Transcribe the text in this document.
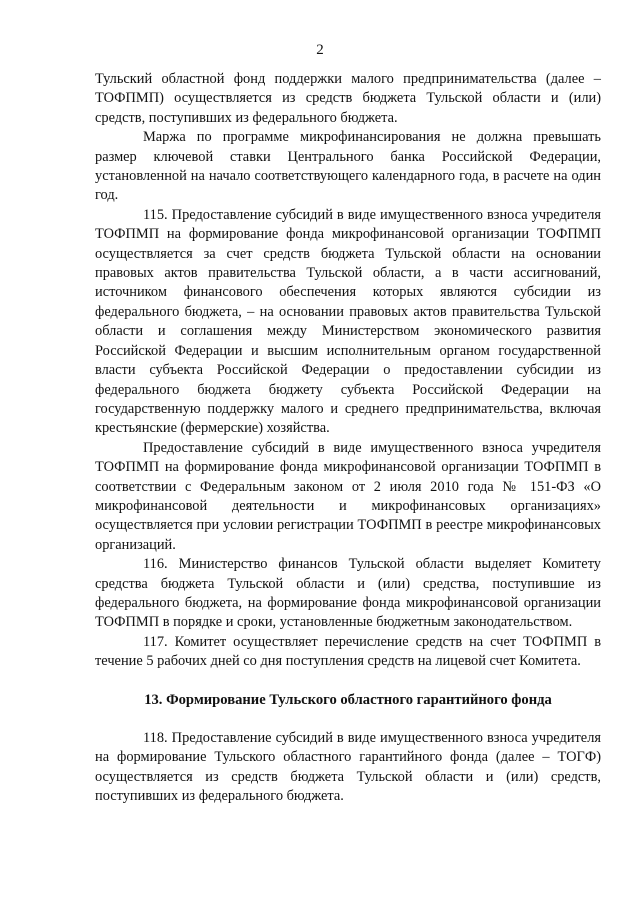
2

Тульский областной фонд поддержки малого предпринимательства (далее – ТОФПМП) осуществляется из средств бюджета Тульской области и (или) средств, поступивших из федерального бюджета.

Маржа по программе микрофинансирования не должна превышать размер ключевой ставки Центрального банка Российской Федерации, установленной на начало соответствующего календарного года, в расчете на один год.

115. Предоставление субсидий в виде имущественного взноса учредителя ТОФПМП на формирование фонда микрофинансовой организации ТОФПМП осуществляется за счет средств бюджета Тульской области на основании правовых актов правительства Тульской области, а в части ассигнований, источником финансового обеспечения которых являются субсидии из федерального бюджета, – на основании правовых актов правительства Тульской области и соглашения между Министерством экономического развития Российской Федерации и высшим исполнительным органом государственной власти субъекта Российской Федерации о предоставлении субсидии из федерального бюджета бюджету субъекта Российской Федерации на государственную поддержку малого и среднего предпринимательства, включая крестьянские (фермерские) хозяйства.

Предоставление субсидий в виде имущественного взноса учредителя ТОФПМП на формирование фонда микрофинансовой организации ТОФПМП в соответствии с Федеральным законом от 2 июля 2010 года № 151-ФЗ «О микрофинансовой деятельности и микрофинансовых организациях» осуществляется при условии регистрации ТОФПМП в реестре микрофинансовых организаций.

116. Министерство финансов Тульской области выделяет Комитету средства бюджета Тульской области и (или) средства, поступившие из федерального бюджета, на формирование фонда микрофинансовой организации ТОФПМП в порядке и сроки, установленные бюджетным законодательством.

117. Комитет осуществляет перечисление средств на счет ТОФПМП в течение 5 рабочих дней со дня поступления средств на лицевой счет Комитета.

13. Формирование Тульского областного гарантийного фонда

118. Предоставление субсидий в виде имущественного взноса учредителя на формирование Тульского областного гарантийного фонда (далее – ТОГФ) осуществляется из средств бюджета Тульской области и (или) средств, поступивших из федерального бюджета.
